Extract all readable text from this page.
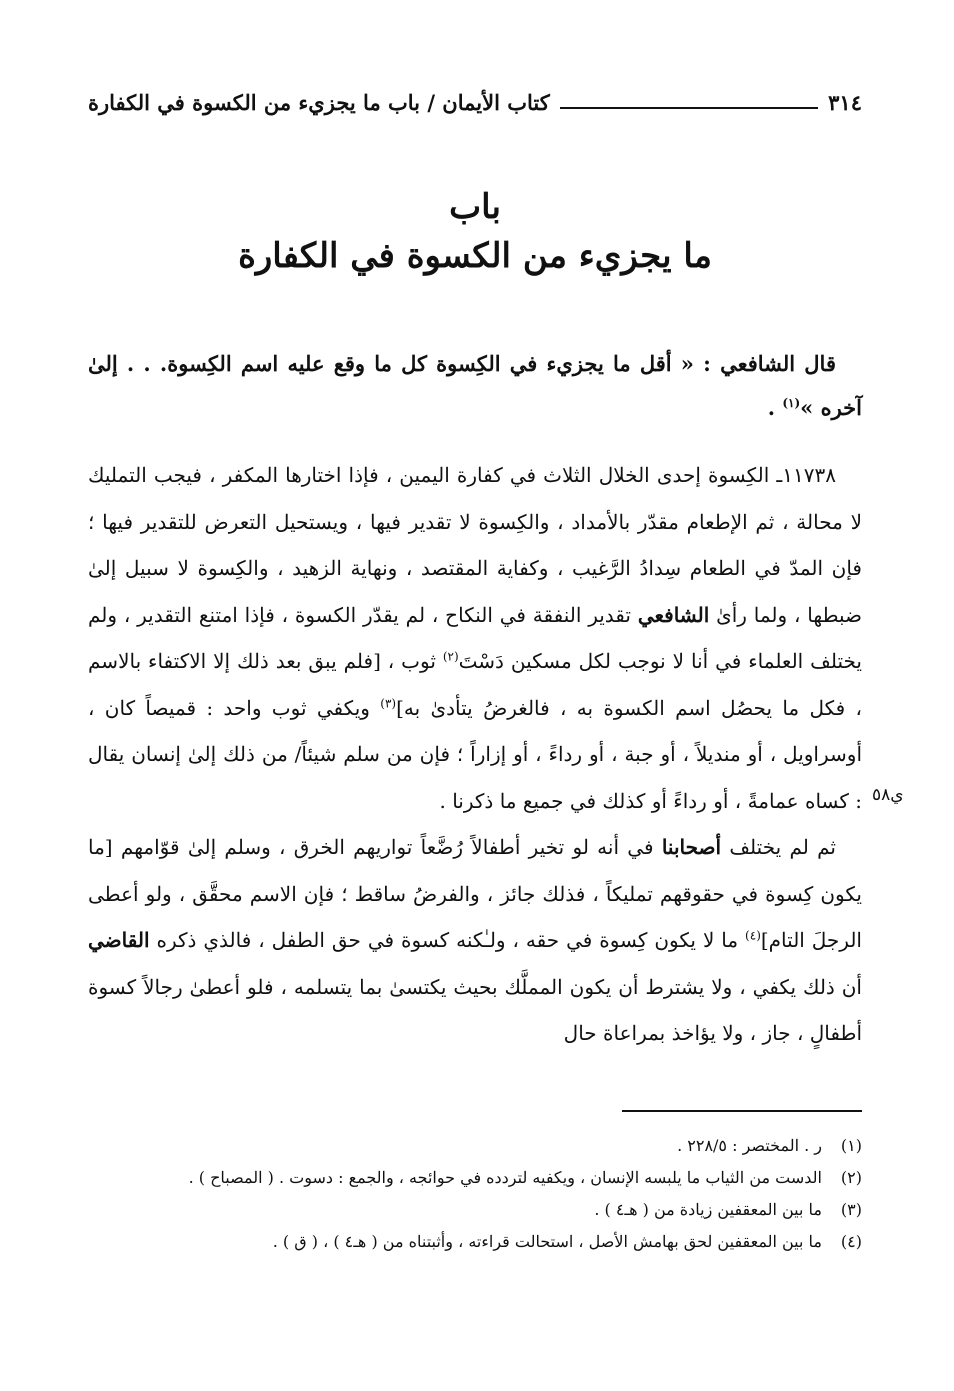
٣١٤
كتاب الأيمان / باب ما يجزيء من الكسوة في الكفارة
باب
ما يجزيء من الكسوة في الكفارة

قال الشافعي : « أقل ما يجزيء في الكِسوة كل ما وقع عليه اسم الكِسوة. . . إلىٰ آخره »$^{(١)}$ .

١١٧٣٨ـ الكِسوة إحدى الخلال الثلاث في كفارة اليمين ، فإذا اختارها المكفر ، فيجب التمليك لا محالة ، ثم الإطعام مقدّر بالأمداد ، والكِسوة لا تقدير فيها ، ويستحيل التعرض للتقدير فيها ؛ فإن المدّ في الطعام سِدادُ الرَّغيب ، وكفاية المقتصد ، ونهاية الزهيد ، والكِسوة لا سبيل إلىٰ ضبطها ، ولما رأىٰ الشافعي تقدير النفقة في النكاح ، لم يقدّر الكسوة ، فإذا امتنع التقدير ، ولم يختلف العلماء في أنا لا نوجب لكل مسكين دَسْتَ$^{(٢)}$ ثوب ، [فلم يبق بعد ذلك إلا الاكتفاء بالاسم ، فكل ما يحصُل اسم الكسوة به ، فالغرضُ يتأدىٰ به]$^{(٣)}$ ويكفي ثوب واحد : قميصاً كان ، أوسراويل ، أو منديلاً ، أو جبة ، أو رداءً ، أو إزاراً ؛ فإن من سلم شيئاً/ من ذلك إلىٰ إنسان يقال : كساه عمامةً ، أو رداءً أو كذلك في جميع ما ذكرنا .

ثم لم يختلف أصحابنا في أنه لو تخير أطفالاً رُضَّعاً تواريهم الخرق ، وسلم إلىٰ قوّامهم [ما يكون كِسوة في حقوقهم تمليكاً ، فذلك جائز ، والفرضُ ساقط ؛ فإن الاسم محقَّق ، ولو أعطى الرجلَ التام]$^{(٤)}$ ما لا يكون كِسوة في حقه ، ولـٰكنه كسوة في حق الطفل ، فالذي ذكره القاضي أن ذلك يكفي ، ولا يشترط أن يكون المملَّك بحيث يكتسىٰ بما يتسلمه ، فلو أعطىٰ رجالاً كسوة أطفالٍ ، جاز ، ولا يؤاخذ بمراعاة حال

ي٥٨
(١)
ر . المختصر : ٢٢٨/٥ .
(٢)
الدست من الثياب ما يلبسه الإنسان ، ويكفيه لتردده في حوائجه ، والجمع : دسوت . ( المصباح ) .
(٣)
ما بين المعقفين زيادة من ( هـ٤ ) .
(٤)
ما بين المعقفين لحق بهامش الأصل ، استحالت قراءته ، وأثبتناه من ( هـ٤ ) ، ( ق ) .
